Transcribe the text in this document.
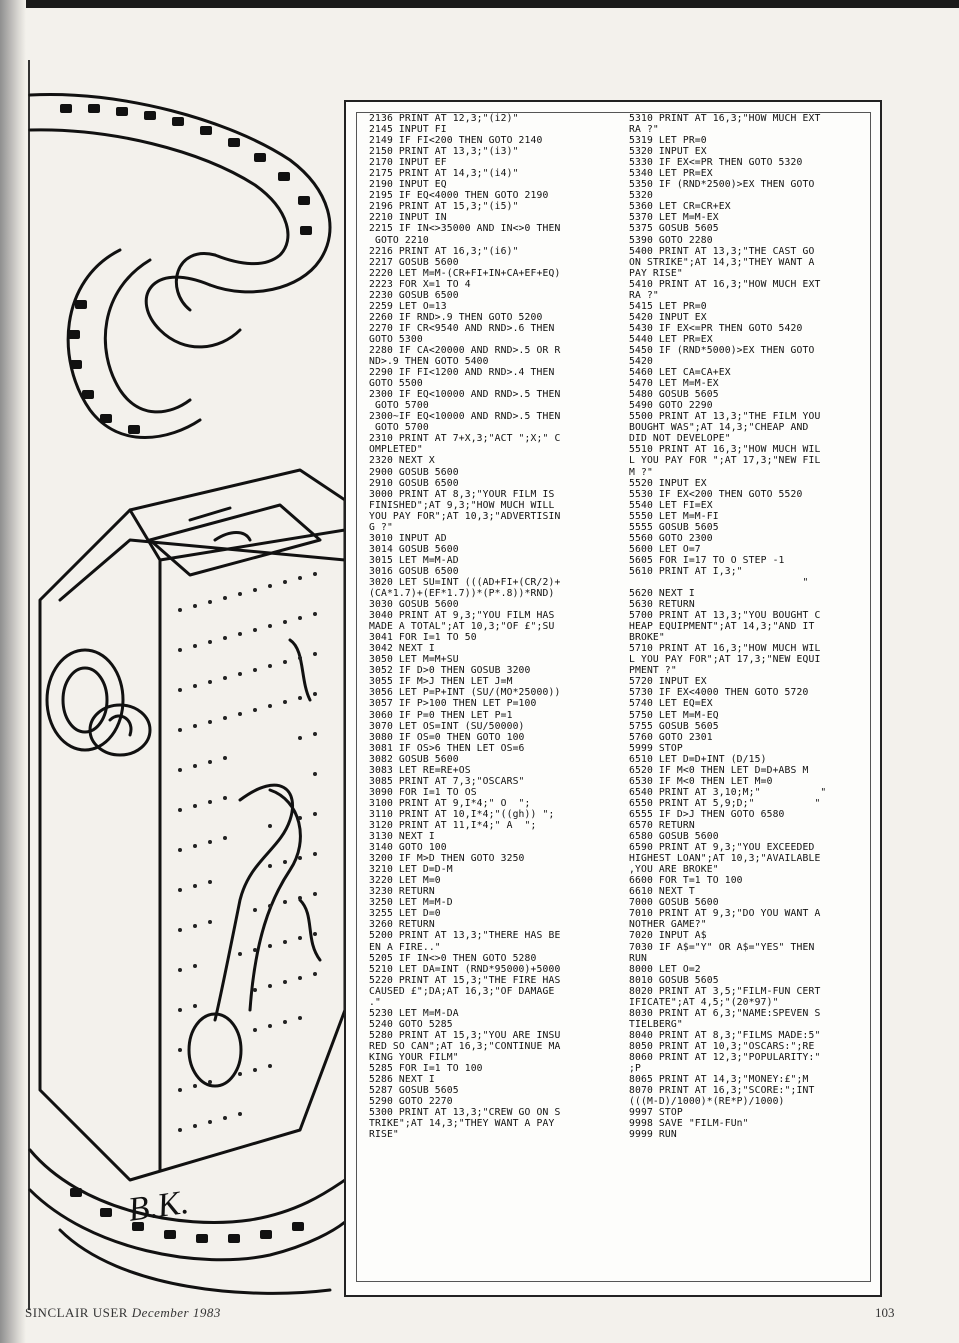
B.K.
2136 PRINT AT 12,3;"(i2)"
2145 INPUT FI
2149 IF FI<200 THEN GOTO 2140
2150 PRINT AT 13,3;"(i3)"
2170 INPUT EF
2175 PRINT AT 14,3;"(i4)"
2190 INPUT EQ
2195 IF EQ<4000 THEN GOTO 2190
2196 PRINT AT 15,3;"(i5)"
2210 INPUT IN
2215 IF IN<>35000 AND IN<>0 THEN
GOTO 2210
2216 PRINT AT 16,3;"(i6)"
2217 GOSUB 5600
2220 LET M=M-(CR+FI+IN+CA+EF+EQ)
2223 FOR X=1 TO 4
2230 GOSUB 6500
2259 LET O=13
2260 IF RND>.9 THEN GOTO 5200
2270 IF CR<9540 AND RND>.6 THEN
GOTO 5300
2280 IF CA<20000 AND RND>.5 OR R
ND>.9 THEN GOTO 5400
2290 IF FI<1200 AND RND>.4 THEN
GOTO 5500
2300 IF EQ<10000 AND RND>.5 THEN
GOTO 5700
2300~IF EQ<10000 AND RND>.5 THEN
GOTO 5700
2310 PRINT AT 7+X,3;"ACT ";X;" C
OMPLETED"
2320 NEXT X
2900 GOSUB 5600
2910 GOSUB 6500
3000 PRINT AT 8,3;"YOUR FILM IS
FINISHED";AT 9,3;"HOW MUCH WILL
YOU PAY FOR";AT 10,3;"ADVERTISIN
G ?"
3010 INPUT AD
3014 GOSUB 5600
3015 LET M=M-AD
3016 GOSUB 6500
3020 LET SU=INT (((AD+FI+(CR/2)+
(CA*1.7)+(EF*1.7))*(P*.8))*RND)
3030 GOSUB 5600
3040 PRINT AT 9,3;"YOU FILM HAS
MADE A TOTAL";AT 10,3;"OF £";SU
3041 FOR I=1 TO 50
3042 NEXT I
3050 LET M=M+SU
3052 IF D>0 THEN GOSUB 3200
3055 IF M>J THEN LET J=M
3056 LET P=P+INT (SU/(MO*25000))
3057 IF P>100 THEN LET P=100
3060 IF P=0 THEN LET P=1
3070 LET OS=INT (SU/50000)
3080 IF OS=0 THEN GOTO 100
3081 IF OS>6 THEN LET OS=6
3082 GOSUB 5600
3083 LET RE=RE+OS
3085 PRINT AT 7,3;"OSCARS"
3090 FOR I=1 TO OS
3100 PRINT AT 9,I*4;" O  ";
3110 PRINT AT 10,I*4;"((gh)) ";
3120 PRINT AT 11,I*4;" A  ";
3130 NEXT I
3140 GOTO 100
3200 IF M>D THEN GOTO 3250
3210 LET D=D-M
3220 LET M=0
3230 RETURN
3250 LET M=M-D
3255 LET D=0
3260 RETURN
5200 PRINT AT 13,3;"THERE HAS BE
EN A FIRE.."
5205 IF IN<>0 THEN GOTO 5280
5210 LET DA=INT (RND*95000)+5000
5220 PRINT AT 15,3;"THE FIRE HAS
CAUSED £";DA;AT 16,3;"OF DAMAGE
."
5230 LET M=M-DA
5240 GOTO 5285
5280 PRINT AT 15,3;"YOU ARE INSU
RED SO CAN";AT 16,3;"CONTINUE MA
KING YOUR FILM"
5285 FOR I=1 TO 100
5286 NEXT I
5287 GOSUB 5605
5290 GOTO 2270
5300 PRINT AT 13,3;"CREW GO ON S
TRIKE";AT 14,3;"THEY WANT A PAY
RISE"
5310 PRINT AT 16,3;"HOW MUCH EXT
RA ?"
5319 LET PR=0
5320 INPUT EX
5330 IF EX<=PR THEN GOTO 5320
5340 LET PR=EX
5350 IF (RND*2500)>EX THEN GOTO
5320
5360 LET CR=CR+EX
5370 LET M=M-EX
5375 GOSUB 5605
5390 GOTO 2280
5400 PRINT AT 13,3;"THE CAST GO
ON STRIKE";AT 14,3;"THEY WANT A
PAY RISE"
5410 PRINT AT 16,3;"HOW MUCH EXT
RA ?"
5415 LET PR=0
5420 INPUT EX
5430 IF EX<=PR THEN GOTO 5420
5440 LET PR=EX
5450 IF (RND*5000)>EX THEN GOTO
5420
5460 LET CA=CA+EX
5470 LET M=M-EX
5480 GOSUB 5605
5490 GOTO 2290
5500 PRINT AT 13,3;"THE FILM YOU
BOUGHT WAS";AT 14,3;"CHEAP AND
DID NOT DEVELOPE"
5510 PRINT AT 16,3;"HOW MUCH WIL
L YOU PAY FOR ";AT 17,3;"NEW FIL
M ?"
5520 INPUT EX
5530 IF EX<200 THEN GOTO 5520
5540 LET FI=EX
5550 LET M=M-FI
5555 GOSUB 5605
5560 GOTO 2300
5600 LET O=7
5605 FOR I=17 TO O STEP -1
5610 PRINT AT I,3;"
"
5620 NEXT I
5630 RETURN
5700 PRINT AT 13,3;"YOU BOUGHT C
HEAP EQUIPMENT";AT 14,3;"AND IT
BROKE"
5710 PRINT AT 16,3;"HOW MUCH WIL
L YOU PAY FOR";AT 17,3;"NEW EQUI
PMENT ?"
5720 INPUT EX
5730 IF EX<4000 THEN GOTO 5720
5740 LET EQ=EX
5750 LET M=M-EQ
5755 GOSUB 5605
5760 GOTO 2301
5999 STOP
6510 LET D=D+INT (D/15)
6520 IF M<0 THEN LET D=D+ABS M
6530 IF M<0 THEN LET M=0
6540 PRINT AT 3,10;M;"          "
6550 PRINT AT 5,9;D;"          "
6555 IF D>J THEN GOTO 6580
6570 RETURN
6580 GOSUB 5600
6590 PRINT AT 9,3;"YOU EXCEEDED
HIGHEST LOAN";AT 10,3;"AVAILABLE
,YOU ARE BROKE"
6600 FOR T=1 TO 100
6610 NEXT T
7000 GOSUB 5600
7010 PRINT AT 9,3;"DO YOU WANT A
NOTHER GAME?"
7020 INPUT A$
7030 IF A$="Y" OR A$="YES" THEN
RUN
8000 LET O=2
8010 GOSUB 5605
8020 PRINT AT 3,5;"FILM-FUN CERT
IFICATE";AT 4,5;"(20*97)"
8030 PRINT AT 6,3;"NAME:SPEVEN S
TIELBERG"
8040 PRINT AT 8,3;"FILMS MADE:5"
8050 PRINT AT 10,3;"OSCARS:";RE
8060 PRINT AT 12,3;"POPULARITY:"
;P
8065 PRINT AT 14,3;"MONEY:£";M
8070 PRINT AT 16,3;"SCORE:";INT
(((M-D)/1000)*(RE*P)/1000)
9997 STOP
9998 SAVE "FILM-FUn"
9999 RUN
SINCLAIR USER December 1983	103
